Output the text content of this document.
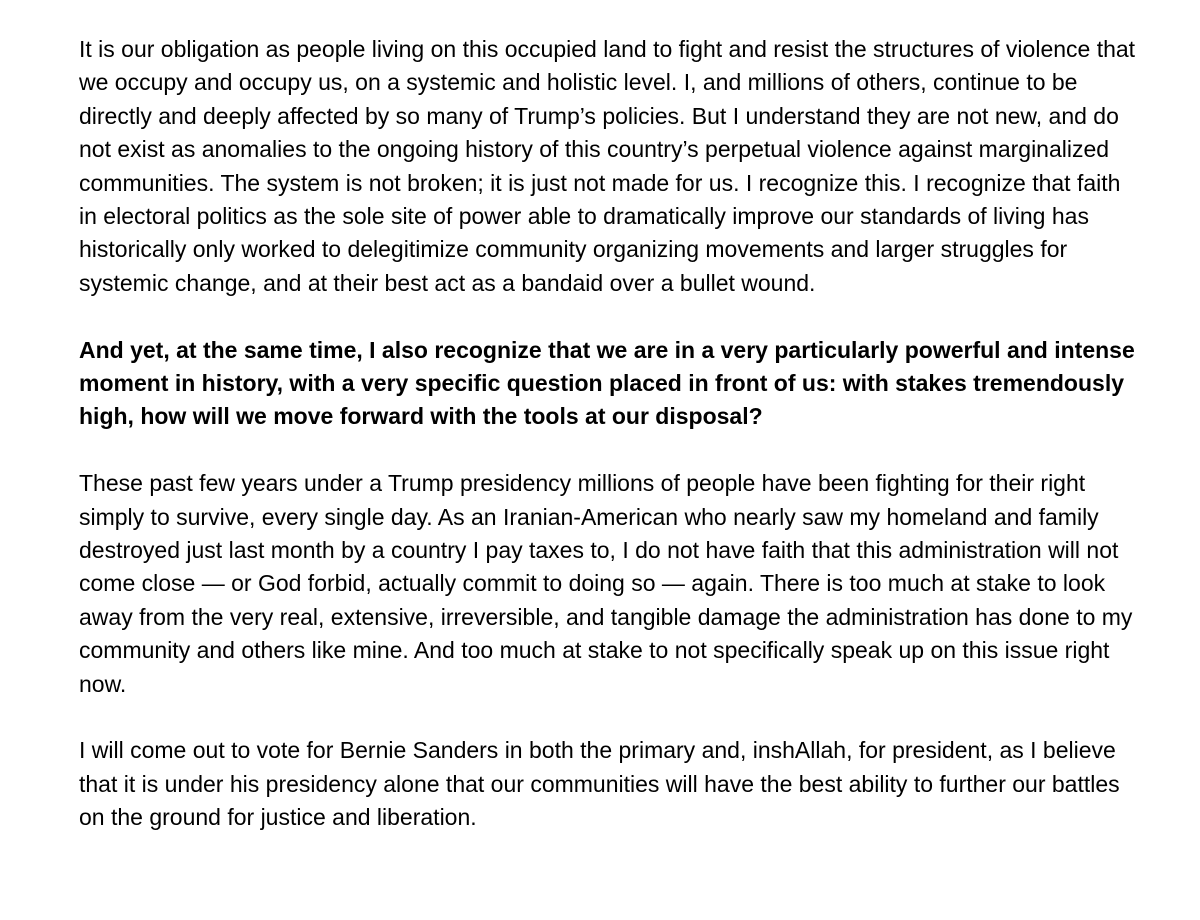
It is our obligation as people living on this occupied land to fight and resist the structures of violence that we occupy and occupy us, on a systemic and holistic level. I, and millions of others, continue to be directly and deeply affected by so many of Trump’s policies. But I understand they are not new, and do not exist as anomalies to the ongoing history of this country’s perpetual violence against marginalized communities. The system is not broken; it is just not made for us. I recognize this. I recognize that faith in electoral politics as the sole site of power able to dramatically improve our standards of living has historically only worked to delegitimize community organizing movements and larger struggles for systemic change, and at their best act as a bandaid over a bullet wound.

And yet, at the same time, I also recognize that we are in a very particularly powerful and intense moment in history, with a very specific question placed in front of us: with stakes tremendously high, how will we move forward with the tools at our disposal?

These past few years under a Trump presidency millions of people have been fighting for their right simply to survive, every single day. As an Iranian-American who nearly saw my homeland and family destroyed just last month by a country I pay taxes to, I do not have faith that this administration will not come close — or God forbid, actually commit to doing so — again. There is too much at stake to look away from the very real, extensive, irreversible, and tangible damage the administration has done to my community and others like mine. And too much at stake to not specifically speak up on this issue right now.

I will come out to vote for Bernie Sanders in both the primary and, inshAllah, for president, as I believe that it is under his presidency alone that our communities will have the best ability to further our battles on the ground for justice and liberation.
